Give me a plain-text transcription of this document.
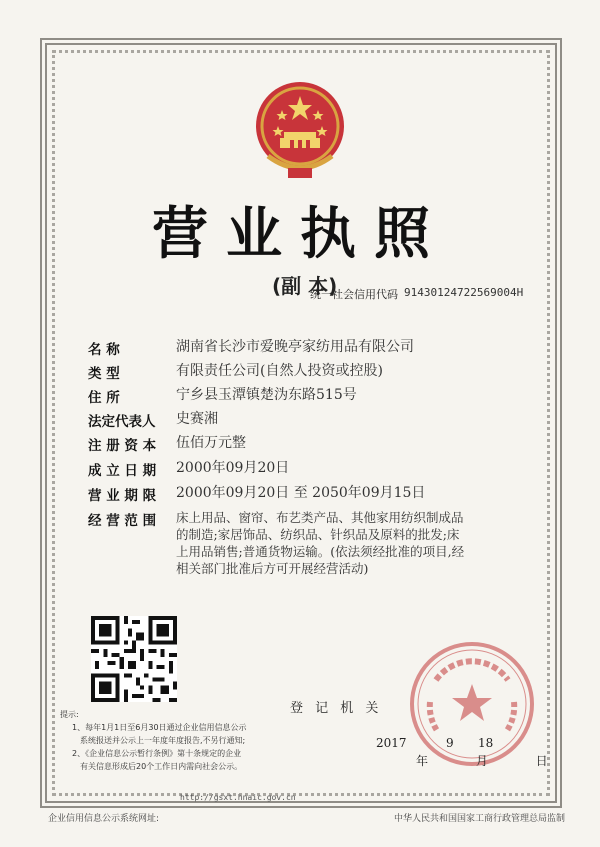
营业执照
(副 本)
统一社会信用代码 91430124722569004H
名 称	湖南省长沙市爱晚亭家纺用品有限公司
类 型	有限责任公司(自然人投资或控股)
住 所	宁乡县玉潭镇楚沩东路515号
法定代表人	史赛湘
注 册 资 本	伍佰万元整
成 立 日 期	2000年09月20日
营 业 期 限	2000年09月20日 至 2050年09月15日
经 营 范 围	床上用品、窗帘、布艺类产品、其他家用纺织制成品的制造;家居饰品、纺织品、针织品及原料的批发;床上用品销售;普通货物运输。(依法须经批准的项目,经相关部门批准后方可开展经营活动)
登 记 机 关
2017	9 18
年 月 日
提示:
1、每年1月1日至6月30日通过企业信用信息公示
系统报送并公示上一年度年度报告,不另行通知;
2、《企业信息公示暂行条例》第十条规定的企业
有关信息形成后20个工作日内需向社会公示。
http://gsxt.hnaic.gov.cn
企业信用信息公示系统网址:	中华人民共和国国家工商行政管理总局监制
